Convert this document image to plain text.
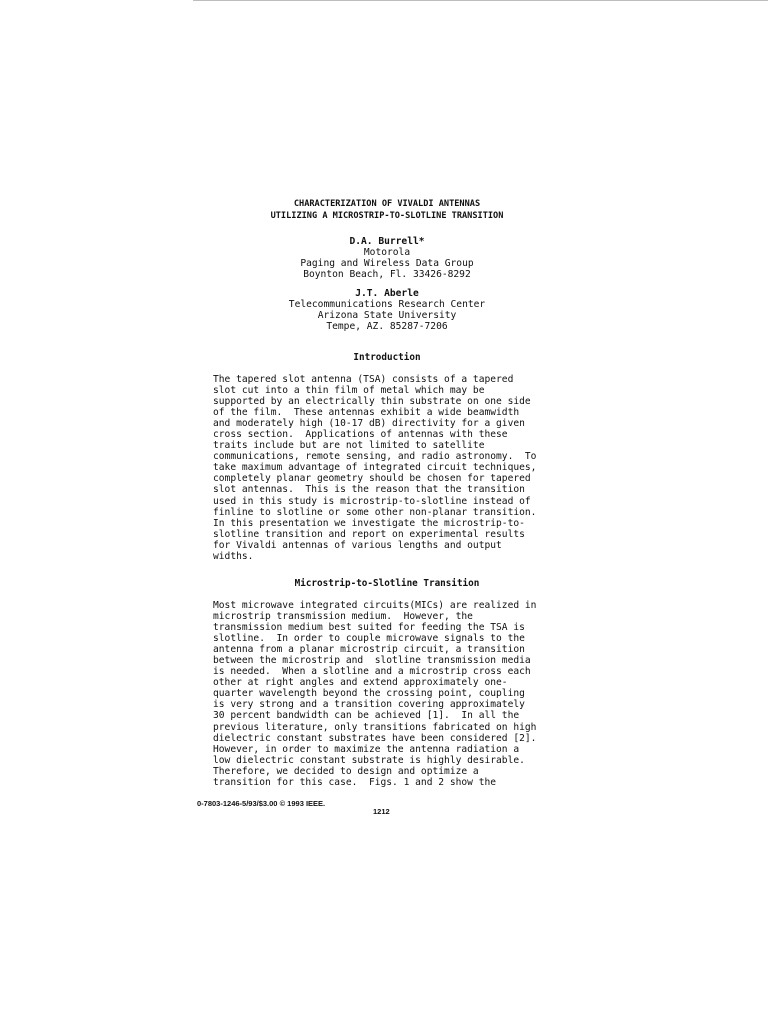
CHARACTERIZATION OF VIVALDI ANTENNAS
UTILIZING A MICROSTRIP-TO-SLOTLINE TRANSITION
D.A. Burrell*
Motorola
Paging and Wireless Data Group
Boynton Beach, Fl. 33426-8292
J.T. Aberle
Telecommunications Research Center
Arizona State University
Tempe, AZ. 85287-7206
Introduction
The tapered slot antenna (TSA) consists of a tapered
slot cut into a thin film of metal which may be
supported by an electrically thin substrate on one side
of the film.  These antennas exhibit a wide beamwidth
and moderately high (10-17 dB) directivity for a given
cross section.  Applications of antennas with these
traits include but are not limited to satellite
communications, remote sensing, and radio astronomy.  To
take maximum advantage of integrated circuit techniques,
completely planar geometry should be chosen for tapered
slot antennas.  This is the reason that the transition
used in this study is microstrip-to-slotline instead of
finline to slotline or some other non-planar transition.
In this presentation we investigate the microstrip-to-
slotline transition and report on experimental results
for Vivaldi antennas of various lengths and output
widths.
Microstrip-to-Slotline Transition
Most microwave integrated circuits(MICs) are realized in
microstrip transmission medium.  However, the
transmission medium best suited for feeding the TSA is
slotline.  In order to couple microwave signals to the
antenna from a planar microstrip circuit, a transition
between the microstrip and  slotline transmission media
is needed.  When a slotline and a microstrip cross each
other at right angles and extend approximately one-
quarter wavelength beyond the crossing point, coupling
is very strong and a transition covering approximately
30 percent bandwidth can be achieved [1].  In all the
previous literature, only transitions fabricated on high
dielectric constant substrates have been considered [2].
However, in order to maximize the antenna radiation a
low dielectric constant substrate is highly desirable.
Therefore, we decided to design and optimize a
transition for this case.  Figs. 1 and 2 show the
0-7803-1246-5/93/$3.00 © 1993 IEEE.
1212
